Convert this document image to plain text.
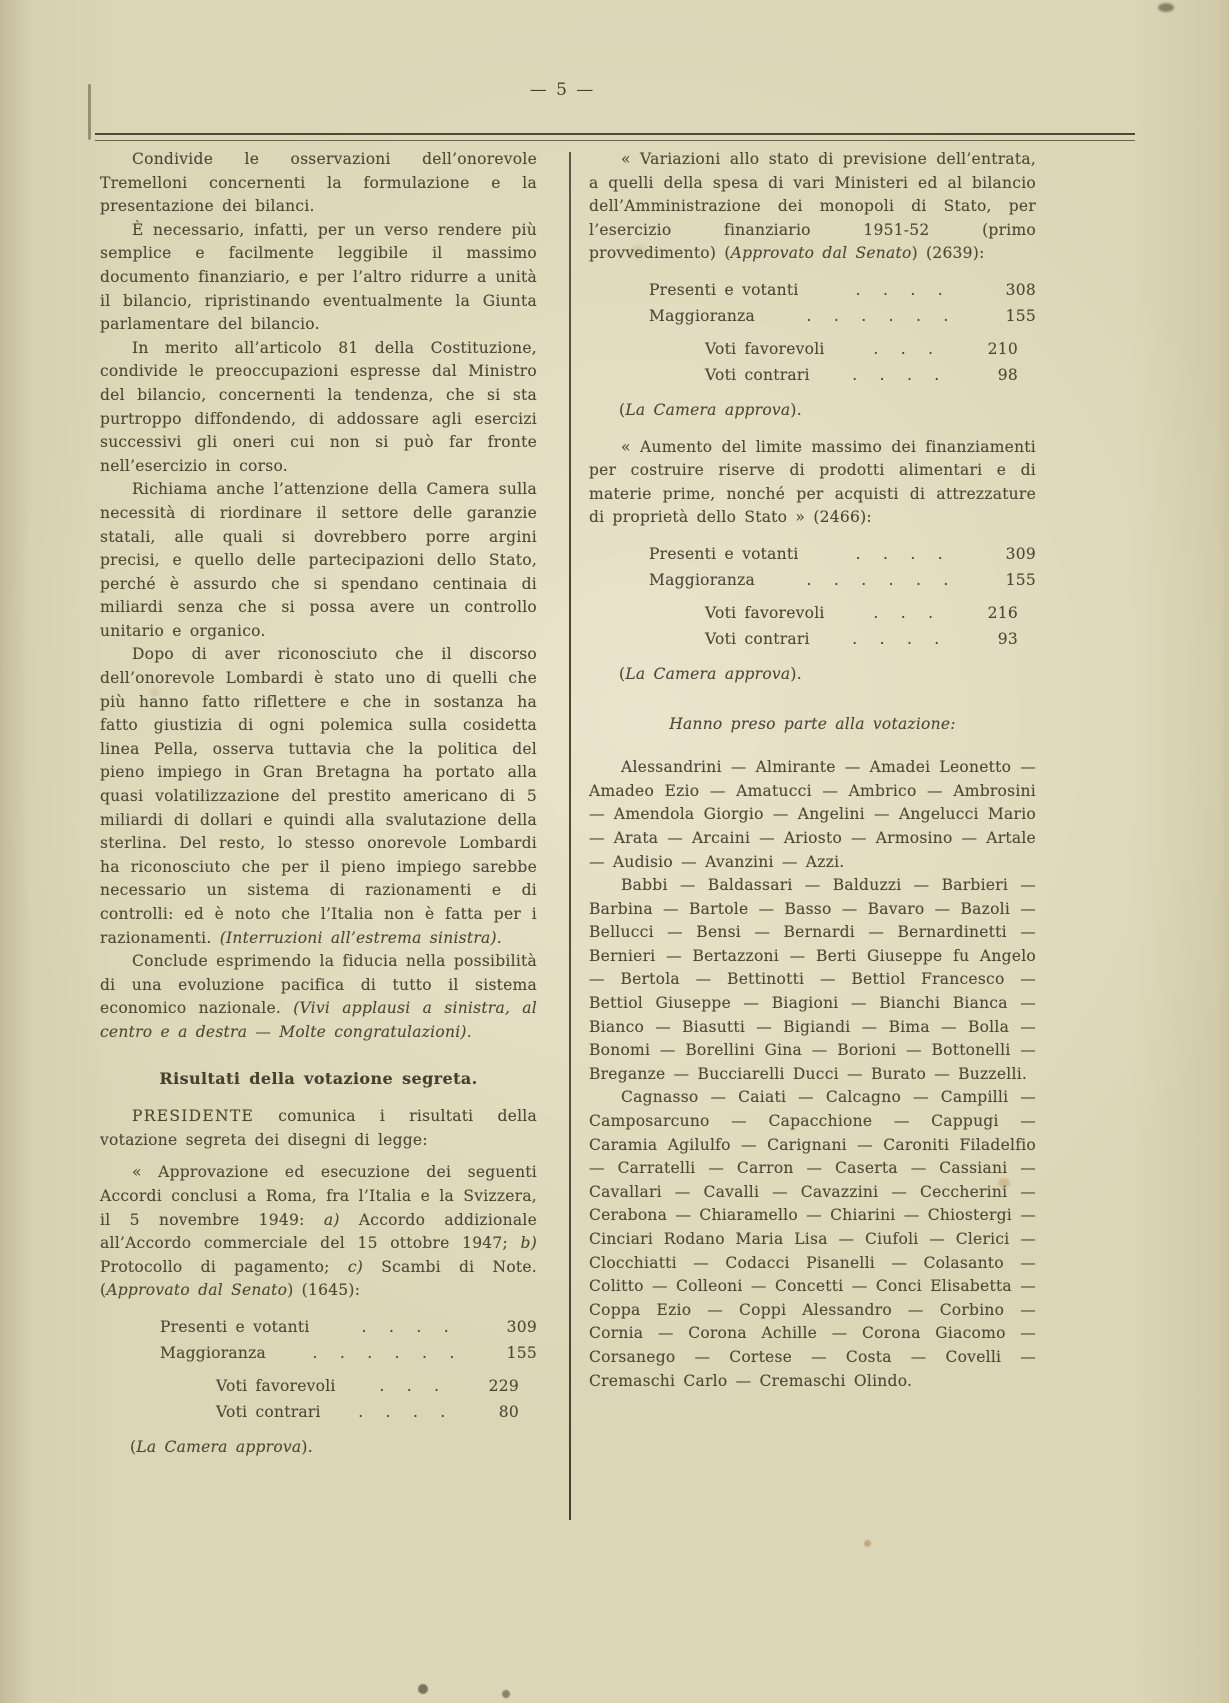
— 5 —
Condivide le osservazioni dell’onorevole Tremelloni concernenti la formulazione e la presentazione dei bilanci.
È necessario, infatti, per un verso rendere più semplice e facilmente leggibile il massimo documento finanziario, e per l’altro ridurre a unità il bilancio, ripristinando eventualmente la Giunta parlamentare del bilancio.
In merito all’articolo 81 della Costituzione, condivide le preoccupazioni espresse dal Ministro del bilancio, concernenti la tendenza, che si sta purtroppo diffondendo, di addossare agli esercizi successivi gli oneri cui non si può far fronte nell’esercizio in corso.
Richiama anche l’attenzione della Camera sulla necessità di riordinare il settore delle garanzie statali, alle quali si dovrebbero porre argini precisi, e quello delle partecipazioni dello Stato, perché è assurdo che si spendano centinaia di miliardi senza che si possa avere un controllo unitario e organico.
Dopo di aver riconosciuto che il discorso dell’onorevole Lombardi è stato uno di quelli che più hanno fatto riflettere e che in sostanza ha fatto giustizia di ogni polemica sulla cosidetta linea Pella, osserva tuttavia che la politica del pieno impiego in Gran Bretagna ha portato alla quasi volatilizzazione del prestito americano di 5 miliardi di dollari e quindi alla svalutazione della sterlina. Del resto, lo stesso onorevole Lombardi ha riconosciuto che per il pieno impiego sarebbe necessario un sistema di razionamenti e di controlli: ed è noto che l’Italia non è fatta per i razionamenti. (Interruzioni all’estrema sinistra).
Conclude esprimendo la fiducia nella possibilità di una evoluzione pacifica di tutto il sistema economico nazionale. (Vivi applausi a sinistra, al centro e a destra — Molte congratulazioni).
Risultati della votazione segreta.
PRESIDENTE comunica i risultati della votazione segreta dei disegni di legge:
« Approvazione ed esecuzione dei seguenti Accordi conclusi a Roma, fra l’Italia e la Svizzera, il 5 novembre 1949: a) Accordo addizionale all’Accordo commerciale del 15 ottobre 1947; b) Protocollo di pagamento; c) Scambi di Note. (Approvato dal Senato) (1645):
Presenti e votanti	. . . .	309
Maggioranza	. . . . . .	155
Voti favorevoli	. . .	229
Voti contrari	. . . .	80
(La Camera approva).
« Variazioni allo stato di previsione dell’entrata, a quelli della spesa di vari Ministeri ed al bilancio dell’Amministrazione dei monopoli di Stato, per l’esercizio finanziario 1951-52 (primo provvedimento) (Approvato dal Senato) (2639):
Presenti e votanti	. . . .	308
Maggioranza	. . . . . .	155
Voti favorevoli	. . .	210
Voti contrari	. . . .	98
(La Camera approva).
« Aumento del limite massimo dei finanziamenti per costruire riserve di prodotti alimentari e di materie prime, nonché per acquisti di attrezzature di proprietà dello Stato » (2466):
Presenti e votanti	. . . .	309
Maggioranza	. . . . . .	155
Voti favorevoli	. . .	216
Voti contrari	. . . .	93
(La Camera approva).
Hanno preso parte alla votazione:
Alessandrini — Almirante — Amadei Leonetto — Amadeo Ezio — Amatucci — Ambrico — Ambrosini — Amendola Giorgio — Angelini — Angelucci Mario — Arata — Arcaini — Ariosto — Armosino — Artale — Audisio — Avanzini — Azzi.
Babbi — Baldassari — Balduzzi — Barbieri — Barbina — Bartole — Basso — Bavaro — Bazoli — Bellucci — Bensi — Bernardi — Bernardinetti — Bernieri — Bertazzoni — Berti Giuseppe fu Angelo — Bertola — Bettinotti — Bettiol Francesco — Bettiol Giuseppe — Biagioni — Bianchi Bianca — Bianco — Biasutti — Bigiandi — Bima — Bolla — Bonomi — Borellini Gina — Borioni — Bottonelli — Breganze — Bucciarelli Ducci — Burato — Buzzelli.
Cagnasso — Caiati — Calcagno — Campilli — Camposarcuno — Capacchione — Cappugi — Caramia Agilulfo — Carignani — Caroniti Filadelfio — Carratelli — Carron — Caserta — Cassiani — Cavallari — Cavalli — Cavazzini — Ceccherini — Cerabona — Chiaramello — Chiarini — Chiostergi — Cinciari Rodano Maria Lisa — Ciufoli — Clerici — Clocchiatti — Codacci Pisanelli — Colasanto — Colitto — Colleoni — Concetti — Conci Elisabetta — Coppa Ezio — Coppi Alessandro — Corbino — Cornia — Corona Achille — Corona Giacomo — Corsanego — Cortese — Costa — Covelli — Cremaschi Carlo — Cremaschi Olindo.
